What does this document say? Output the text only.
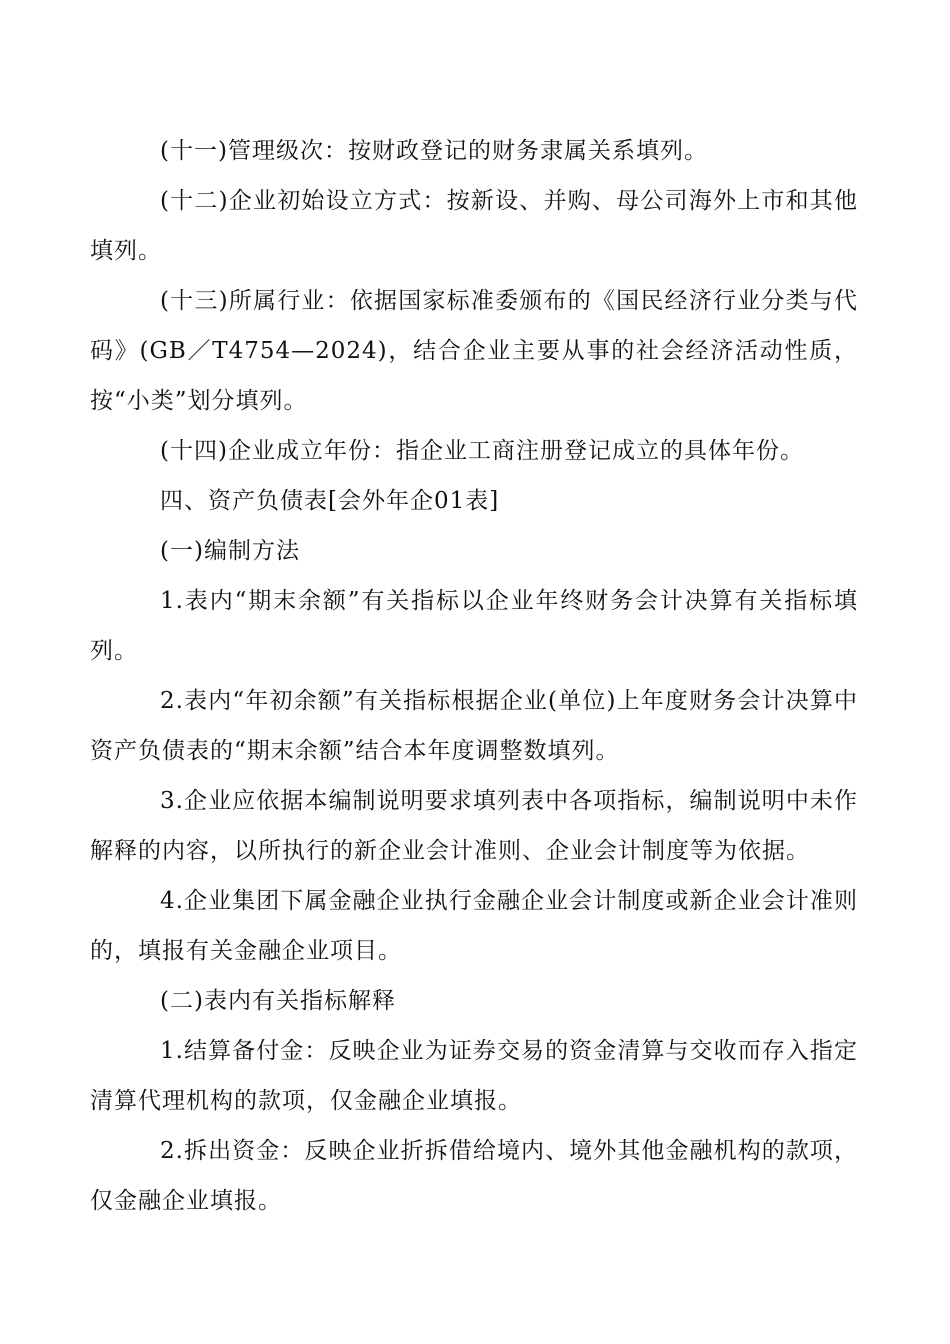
(十一)管理级次：按财政登记的财务隶属关系填列。

(十二)企业初始设立方式：按新设、并购、母公司海外上市和其他填列。

(十三)所属行业：依据国家标准委颁布的《国民经济行业分类与代码》(GB／T4754—2024)，结合企业主要从事的社会经济活动性质，按“小类”划分填列。

(十四)企业成立年份：指企业工商注册登记成立的具体年份。

四、资产负债表[会外年企01表]

(一)编制方法

1.表内“期末余额”有关指标以企业年终财务会计决算有关指标填列。

2.表内“年初余额”有关指标根据企业(单位)上年度财务会计决算中资产负债表的“期末余额”结合本年度调整数填列。

3.企业应依据本编制说明要求填列表中各项指标，编制说明中未作解释的内容，以所执行的新企业会计准则、企业会计制度等为依据。

4.企业集团下属金融企业执行金融企业会计制度或新企业会计准则的，填报有关金融企业项目。

(二)表内有关指标解释

1.结算备付金：反映企业为证券交易的资金清算与交收而存入指定清算代理机构的款项，仅金融企业填报。

2.拆出资金：反映企业折拆借给境内、境外其他金融机构的款项，仅金融企业填报。
